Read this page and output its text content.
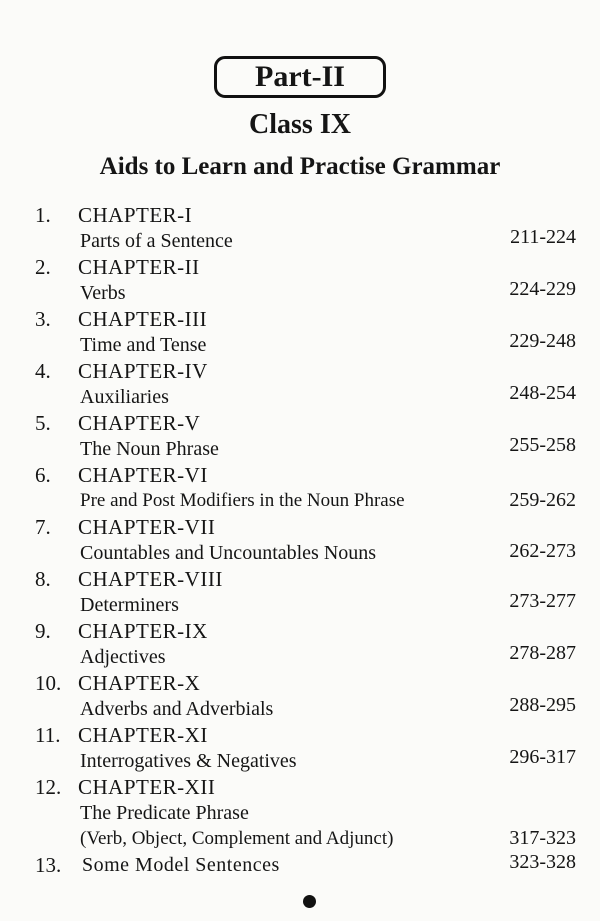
Part-II
Class IX
Aids to Learn and Practise Grammar
1.	CHAPTER-I
Parts of a Sentence	211-224
2.	CHAPTER-II
Verbs	224-229
3.	CHAPTER-III
Time and Tense	229-248
4.	CHAPTER-IV
Auxiliaries	248-254
5.	CHAPTER-V
The Noun Phrase	255-258
6.	CHAPTER-VI
Pre and Post Modifiers in the Noun Phrase	259-262
7.	CHAPTER-VII
Countables and Uncountables Nouns	262-273
8.	CHAPTER-VIII
Determiners	273-277
9.	CHAPTER-IX
Adjectives	278-287
10. CHAPTER-X
Adverbs and Adverbials	288-295
11. CHAPTER-XI
Interrogatives & Negatives	296-317
12. CHAPTER-XII
The Predicate Phrase
(Verb, Object, Complement and Adjunct)	317-323
13.	Some Model Sentences	323-328
